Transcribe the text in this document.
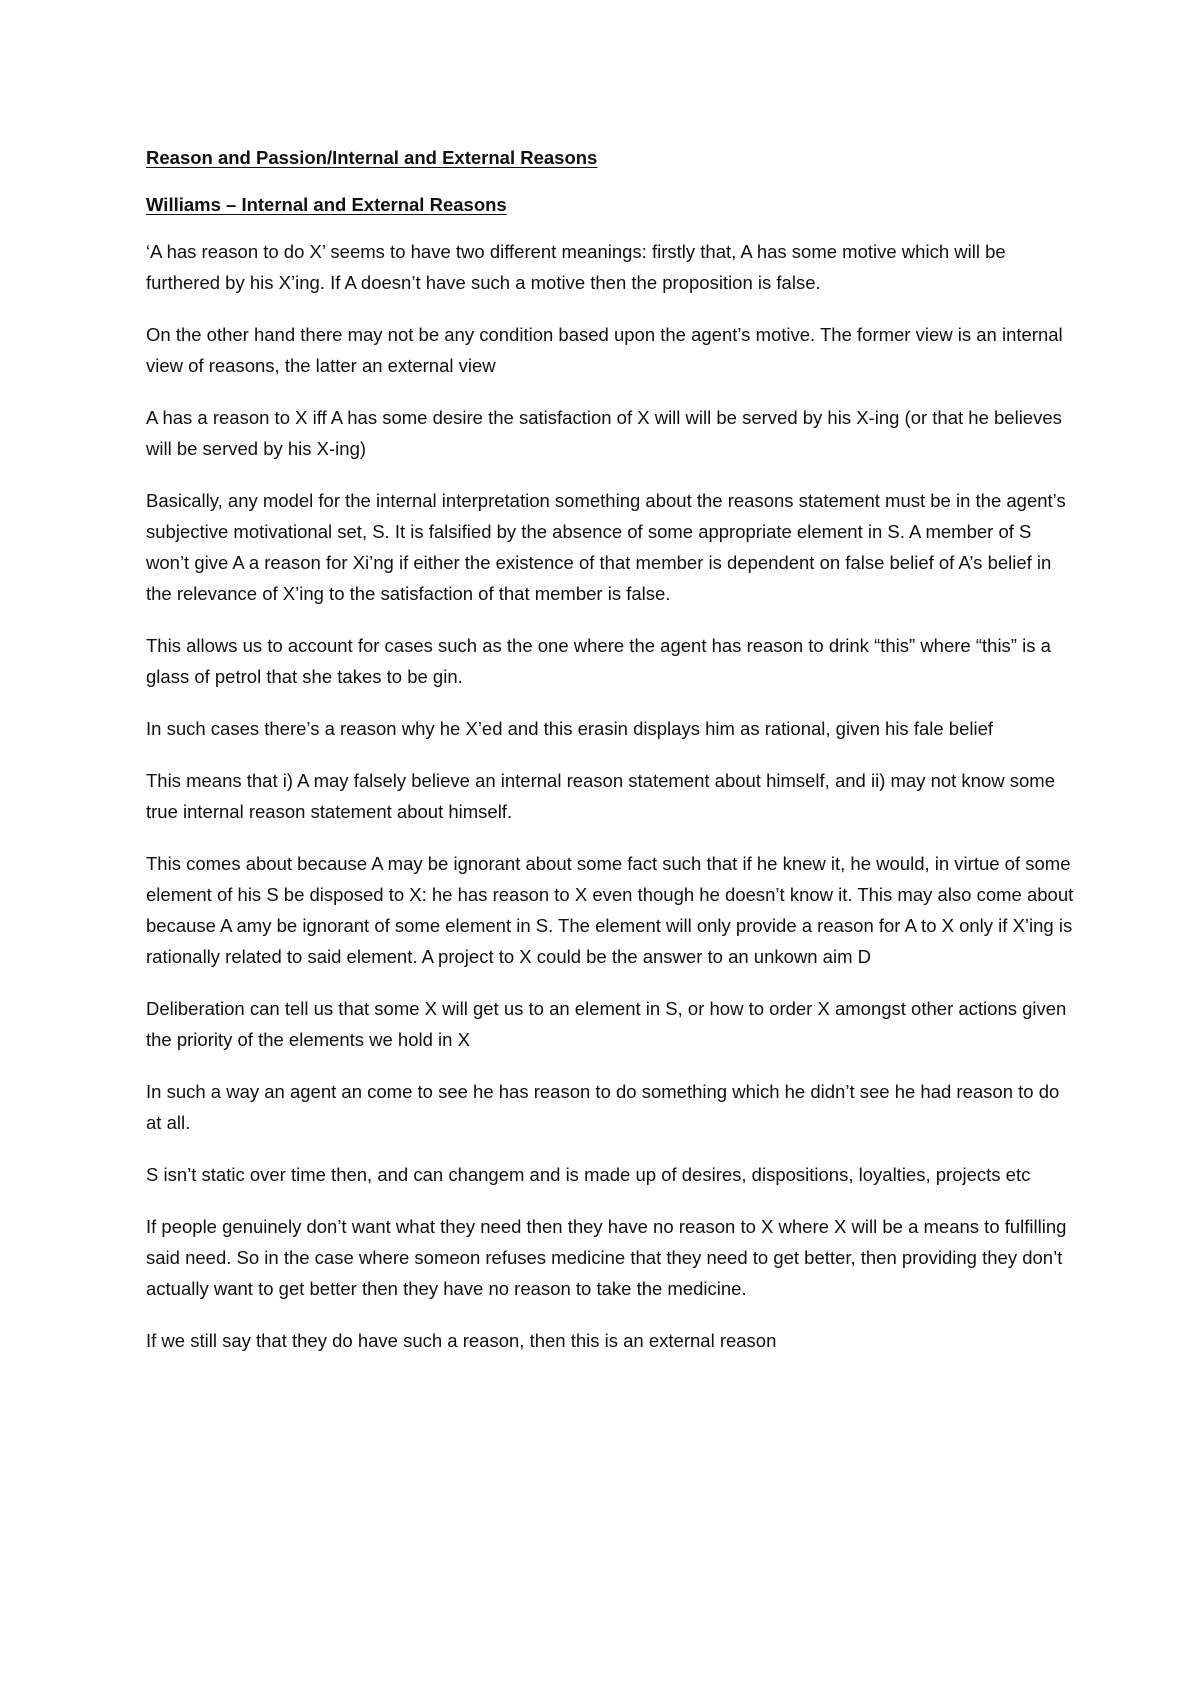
Reason and Passion/Internal and External Reasons
Williams – Internal and External Reasons

‘A has reason to do X’ seems to have two different meanings: firstly that, A has some motive which will be furthered by his X’ing. If A doesn’t have such a motive then the proposition is false.

On the other hand there may not be any condition based upon the agent’s motive. The former view is an internal view of reasons, the latter an external view

A has a reason to X iff A has some desire the satisfaction of X will will be served by his X-ing (or that he believes will be served by his X-ing)

Basically, any model for the internal interpretation something about the reasons statement must be in the agent’s subjective motivational set, S. It is falsified by the absence of some appropriate element in S. A member of S won’t give A a reason for Xi’ng if either the existence of that member is dependent on false belief of A’s belief in the relevance of X’ing to the satisfaction of that member is false.

This allows us to account for cases such as the one where the agent has reason to drink “this” where “this” is a glass of petrol that she takes to be gin.

In such cases there’s a reason why he X’ed and this erasin displays him as rational, given his fale belief

This means that i) A may falsely believe an internal reason statement about himself, and ii) may not know some true internal reason statement about himself.

This comes about because A may be ignorant about some fact such that if he knew it, he would, in virtue of some element of his S be disposed to X: he has reason to X even though he doesn’t know it. This may also come about because A amy be ignorant of some element in S. The element will only provide a reason for A to X only if X’ing is rationally related to said element. A project to X could be the answer to an unkown aim D

Deliberation can tell us that some X will get us to an element in S, or how to order X amongst other actions given the priority of the elements we hold in X

In such a way an agent an come to see he has reason to do something which he didn’t see he had reason to do at all.

S isn’t static over time then, and can changem and is made up of desires, dispositions, loyalties, projects etc

If people genuinely don’t want what they need then they have no reason to X where X will be a means to fulfilling said need. So in the case where someon refuses medicine that they need to get better, then providing they don’t actually want to get better then they have no reason to take the medicine.

If we still say that they do have such a reason, then this is an external reason
